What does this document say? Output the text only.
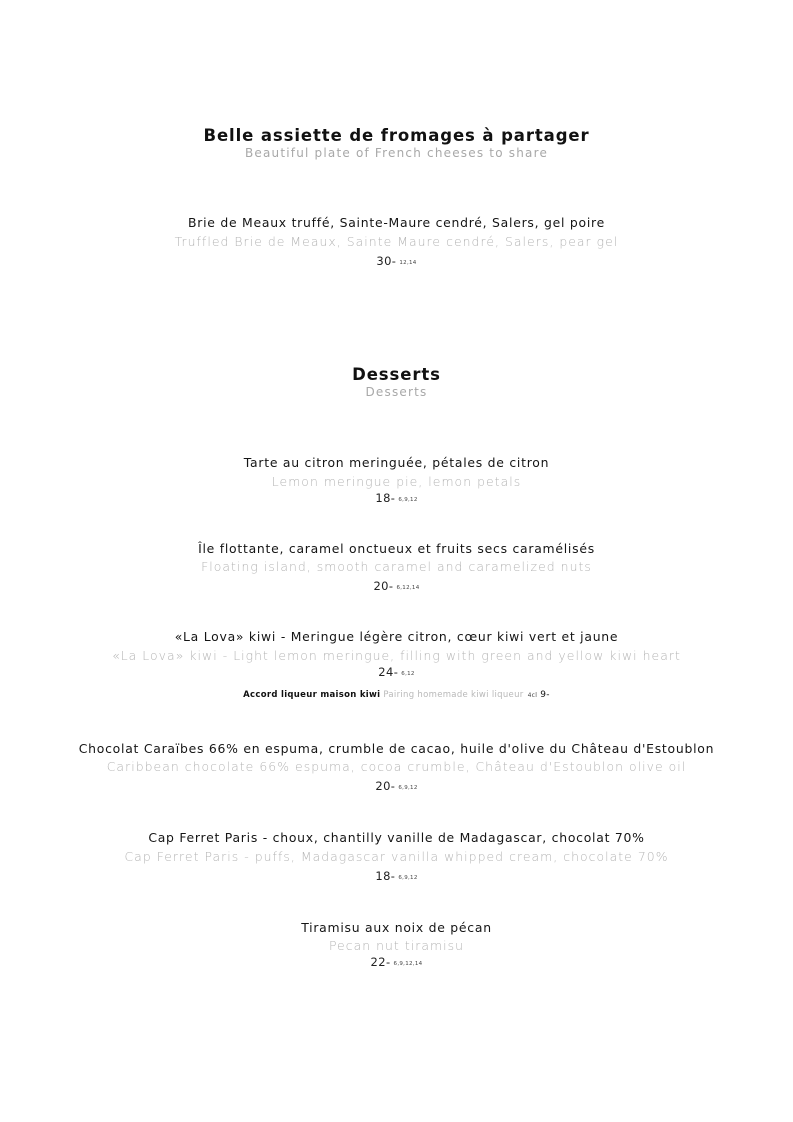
Belle assiette de fromages à partager
Beautiful plate of French cheeses to share
Brie de Meaux truffé, Sainte-Maure cendré, Salers, gel poire
Truffled Brie de Meaux, Sainte Maure cendré, Salers, pear gel
30- 12,14
Desserts
Desserts
Tarte au citron meringuée, pétales de citron
Lemon meringue pie, lemon petals
18- 6,9,12
Île flottante, caramel onctueux et fruits secs caramélisés
Floating island, smooth caramel and caramelized nuts
20- 6,12,14
«La Lova» kiwi - Meringue légère citron, cœur kiwi vert et jaune
«La Lova» kiwi - Light lemon meringue, filling with green and yellow kiwi heart
24- 6,12
Accord liqueur maison kiwi Pairing homemade kiwi liqueur 4cl 9-
Chocolat Caraïbes 66% en espuma, crumble de cacao, huile d'olive du Château d'Estoublon
Caribbean chocolate 66% espuma, cocoa crumble, Château d'Estoublon olive oil
20- 6,9,12
Cap Ferret Paris - choux, chantilly vanille de Madagascar, chocolat 70%
Cap Ferret Paris - puffs, Madagascar vanilla whipped cream, chocolate 70%
18- 6,9,12
Tiramisu aux noix de pécan
Pecan nut tiramisu
22- 6,9,12,14
